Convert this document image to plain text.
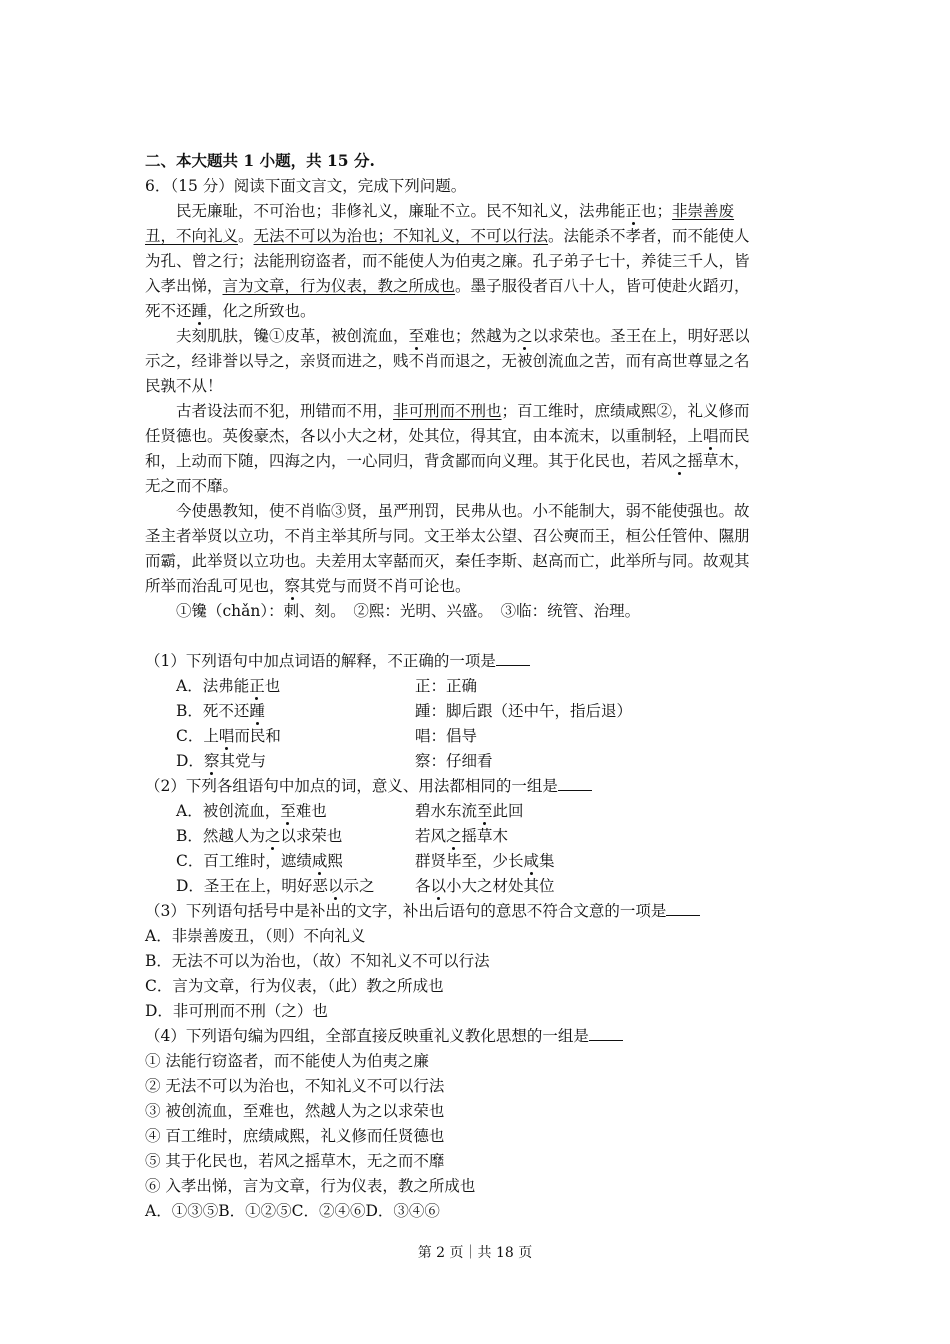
二、本大题共 1 小题，共 15 分.
6．（15 分）阅读下面文言文，完成下列问题。
民无廉耻，不可治也；非修礼义，廉耻不立。民不知礼义，法弗能正也；非崇善废
丑，不向礼义。无法不可以为治也；不知礼义，不可以行法。法能杀不孝者，而不能使人
为孔、曾之行；法能刑窃盗者，而不能使人为伯夷之廉。孔子弟子七十，养徒三千人，皆
入孝出悌，言为文章，行为仪表，教之所成也。墨子服役者百八十人，皆可使赴火蹈刃，
死不还踵，化之所致也。
夫刻肌肤，镵①皮革，被创流血，至难也；然越为之以求荣也。圣王在上，明好恶以
示之，经诽誉以导之，亲贤而进之，贱不肖而退之，无被创流血之苦，而有高世尊显之名
民孰不从！
古者设法而不犯，刑错而不用，非可刑而不刑也；百工维时，庶绩咸熙②，礼义修而
任贤德也。英俊豪杰，各以小大之材，处其位，得其宜，由本流末，以重制轻，上唱而民
和，上动而下随，四海之内，一心同归，背贪鄙而向义理。其于化民也，若风之摇草木，
无之而不靡。
今使愚教知，使不肖临③贤，虽严刑罚，民弗从也。小不能制大，弱不能使强也。故
圣主者举贤以立功，不肖主举其所与同。文王举太公望、召公奭而王，桓公任管仲、隰朋
而霸，此举贤以立功也。夫差用太宰嚭而灭，秦任李斯、赵高而亡，此举所与同。故观其
所举而治乱可见也，察其党与而贤不肖可论也。
①镵（chǎn）：刺、刻。　②熙：光明、兴盛。　③临：统管、治理。
（1）下列语句中加点词语的解释，不正确的一项是
A．法弗能正也	正：正确
B．死不还踵	踵：脚后跟（还中午，指后退）
C．上唱而民和	唱：倡导
D．察其党与	察：仔细看
（2）下列各组语句中加点的词，意义、用法都相同的一组是
A．被创流血，至难也	碧水东流至此回
B．然越人为之以求荣也	若风之摇草木
C．百工维时，遮绩咸熙	群贤毕至，少长咸集
D．圣王在上，明好恶以示之	各以小大之材处其位
（3）下列语句括号中是补出的文字，补出后语句的意思不符合文意的一项是
A．非崇善废丑，（则）不向礼义
B．无法不可以为治也，（故）不知礼义不可以行法
C．言为文章，行为仪表，（此）教之所成也
D．非可刑而不刑（之）也
（4）下列语句编为四组，全部直接反映重礼义教化思想的一组是
① 法能行窃盗者，而不能使人为伯夷之廉
② 无法不可以为治也，不知礼义不可以行法
③ 被创流血，至难也，然越人为之以求荣也
④ 百工维时，庶绩咸熙，礼义修而任贤德也
⑤ 其于化民也，若风之摇草木，无之而不靡
⑥ 入孝出悌，言为文章，行为仪表，教之所成也
A．①③⑤B．①②⑤C．②④⑥D．③④⑥
第 2 页｜共 18 页
